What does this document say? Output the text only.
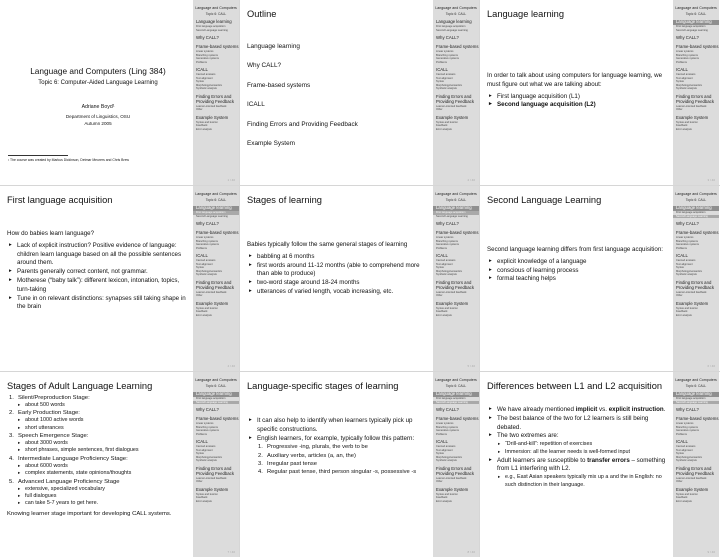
Language and Computers (Ling 384)
Topic 6: Computer-Aided Language Learning
Adriane Boyd¹
Department of Linguistics, OSU
Autumn 2005
¹ The course was created by Markus Dickinson, Detmar Meurers and Chris Brew
Language and Computers
Topic 6: CALL
Language learning
First language acquisition
Second Language Learning
Why CALL?
Frame-based systems
Linear systems
Branching systems
Generative systems
Problems
ICALL
Canned answers
Text alignment
Syntax
Morphology/semantics
Synthetic analysis
Finding Errors and Providing Feedback
Learner-oriented feedback
Other
Example System
Syntax and lexicon
Feedback
Error analysis
1 / 40
Outline
Language learning
Why CALL?
Frame-based systems
ICALL
Finding Errors and Providing Feedback
Example System
Language and Computers
Topic 6: CALL
Language learning
First language acquisition
Second Language Learning
Why CALL?
Frame-based systems
Linear systems
Branching systems
Generative systems
Problems
ICALL
Canned answers
Text alignment
Syntax
Morphology/semantics
Synthetic analysis
Finding Errors and Providing Feedback
Learner-oriented feedback
Other
Example System
Syntax and lexicon
Feedback
Error analysis
2 / 40
Language learning
In order to talk about using computers for language learning, we must figure out what we are talking about:
▸ First language acquisition (L1)
▸ Second language acquisition (L2)
Language and Computers
Topic 6: CALL
Language learning
First language acquisition
Second Language Learning
Why CALL?
Frame-based systems
Linear systems
Branching systems
Generative systems
Problems
ICALL
Canned answers
Text alignment
Syntax
Morphology/semantics
Synthetic analysis
Finding Errors and Providing Feedback
Learner-oriented feedback
Other
Example System
Syntax and lexicon
Feedback
Error analysis
3 / 40
First language acquisition
How do babies learn language?
▸ Lack of explicit instruction? Positive evidence of language: children learn language based on all the possible sentences around them.
▸ Parents generally correct content, not grammar.
▸ Motherese (“baby talk”): different lexicon, intonation, topics, turn-taking
▸ Tune in on relevant distinctions: synapses still taking shape in the brain
Language and Computers
Topic 6: CALL
Language learning
First language acquisition
Second Language Learning
Why CALL?
Frame-based systems
Linear systems
Branching systems
Generative systems
Problems
ICALL
Canned answers
Text alignment
Syntax
Morphology/semantics
Synthetic analysis
Finding Errors and Providing Feedback
Learner-oriented feedback
Other
Example System
Syntax and lexicon
Feedback
Error analysis
4 / 40
Stages of learning
Babies typically follow the same general stages of learning
▸ babbling at 6 months
▸ first words around 11-12 months (able to comprehend more than able to produce)
▸ two-word stage around 18-24 months
▸ utterances of varied length, vocab increasing, etc.
Language and Computers
Topic 6: CALL
Language learning
First language acquisition
Second Language Learning
Why CALL?
Frame-based systems
Linear systems
Branching systems
Generative systems
Problems
ICALL
Canned answers
Text alignment
Syntax
Morphology/semantics
Synthetic analysis
Finding Errors and Providing Feedback
Learner-oriented feedback
Other
Example System
Syntax and lexicon
Feedback
Error analysis
5 / 40
Second Language Learning
Second language learning differs from first language acquisition:
▸ explicit knowledge of a language
▸ conscious of learning process
▸ formal teaching helps
Language and Computers
Topic 6: CALL
Language learning
First language acquisition
Second Language Learning
Why CALL?
Frame-based systems
Linear systems
Branching systems
Generative systems
Problems
ICALL
Canned answers
Text alignment
Syntax
Morphology/semantics
Synthetic analysis
Finding Errors and Providing Feedback
Learner-oriented feedback
Other
Example System
Syntax and lexicon
Feedback
Error analysis
6 / 40
Stages of Adult Language Learning
1. Silent/Preproduction Stage:
▸ about 500 words
2. Early Production Stage:
▸ about 1000 active words
▸ short utterances
3. Speech Emergence Stage:
▸ about 3000 words
▸ short phrases, simple sentences, first dialogues
4. Intermediate Language Proficiency Stage:
▸ about 6000 words
▸ complex statements, state opinions/thoughts
5. Advanced Language Proficiency Stage
▸ extensive, specialized vocabulary
▸ full dialogues
▸ can take 5-7 years to get here.
Knowing learner stage important for developing CALL systems.
Language and Computers
Topic 6: CALL
Language learning
First language acquisition
Second Language Learning
Why CALL?
Frame-based systems
Linear systems
Branching systems
Generative systems
Problems
ICALL
Canned answers
Text alignment
Syntax
Morphology/semantics
Synthetic analysis
Finding Errors and Providing Feedback
Learner-oriented feedback
Other
Example System
Syntax and lexicon
Feedback
Error analysis
7 / 40
Language-specific stages of learning
▸ It can also help to identify when learners typically pick up specific constructions.
▸ English learners, for example, typically follow this pattern:
1. Progressive -ing, plurals, the verb to be
2. Auxiliary verbs, articles (a, an, the)
3. Irregular past tense
4. Regular past tense, third person singular -s, possessive -s
Language and Computers
Topic 6: CALL
Language learning
First language acquisition
Second Language Learning
Why CALL?
Frame-based systems
Linear systems
Branching systems
Generative systems
Problems
ICALL
Canned answers
Text alignment
Syntax
Morphology/semantics
Synthetic analysis
Finding Errors and Providing Feedback
Learner-oriented feedback
Other
Example System
Syntax and lexicon
Feedback
Error analysis
8 / 40
Differences between L1 and L2 acquisition
▸ We have already mentioned implicit vs. explicit instruction.
▸ The best balance of the two for L2 learners is still being debated.
▸ The two extremes are:
▸ “Drill-and-kill”: repetition of exercises
▸ Immersion: all the learner needs is well-formed input
▸ Adult learners are susceptible to transfer errors – something from L1 interfering with L2.
▸ e.g., East Asian speakers typically mix up a and the in English: no such distinction in their language.
Language and Computers
Topic 6: CALL
Language learning
First language acquisition
Second Language Learning
Why CALL?
Frame-based systems
Linear systems
Branching systems
Generative systems
Problems
ICALL
Canned answers
Text alignment
Syntax
Morphology/semantics
Synthetic analysis
Finding Errors and Providing Feedback
Learner-oriented feedback
Other
Example System
Syntax and lexicon
Feedback
Error analysis
9 / 40
